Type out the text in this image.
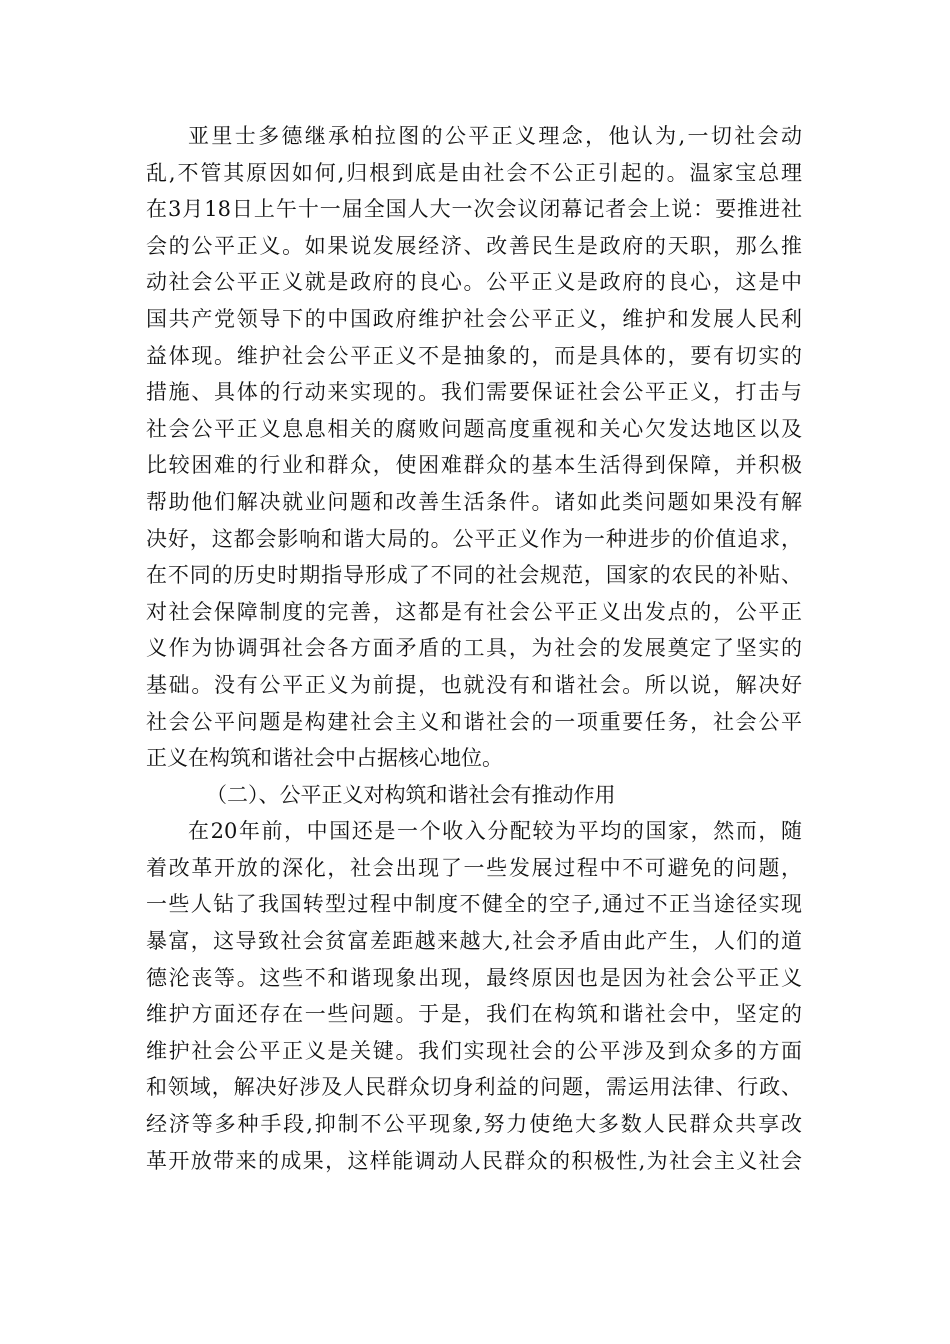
亚里士多德继承柏拉图的公平正义理念，他认为,一切社会动
乱,不管其原因如何,归根到底是由社会不公正引起的。温家宝总理
在3月18日上午十一届全国人大一次会议闭幕记者会上说：要推进社
会的公平正义。如果说发展经济、改善民生是政府的天职，那么推
动社会公平正义就是政府的良心。公平正义是政府的良心，这是中
国共产党领导下的中国政府维护社会公平正义，维护和发展人民利
益体现。维护社会公平正义不是抽象的，而是具体的，要有切实的
措施、具体的行动来实现的。我们需要保证社会公平正义，打击与
社会公平正义息息相关的腐败问题高度重视和关心欠发达地区以及
比较困难的行业和群众，使困难群众的基本生活得到保障，并积极
帮助他们解决就业问题和改善生活条件。诸如此类问题如果没有解
决好，这都会影响和谐大局的。公平正义作为一种进步的价值追求，
在不同的历史时期指导形成了不同的社会规范，国家的农民的补贴、
对社会保障制度的完善，这都是有社会公平正义出发点的，公平正
义作为协调弭社会各方面矛盾的工具，为社会的发展奠定了坚实的
基础。没有公平正义为前提，也就没有和谐社会。所以说，解决好
社会公平问题是构建社会主义和谐社会的一项重要任务，社会公平
正义在构筑和谐社会中占据核心地位。
（二）、公平正义对构筑和谐社会有推动作用
在20年前，中国还是一个收入分配较为平均的国家，然而，随
着改革开放的深化，社会出现了一些发展过程中不可避免的问题，
一些人钻了我国转型过程中制度不健全的空子,通过不正当途径实现
暴富，这导致社会贫富差距越来越大,社会矛盾由此产生，人们的道
德沦丧等。这些不和谐现象出现，最终原因也是因为社会公平正义
维护方面还存在一些问题。于是，我们在构筑和谐社会中，坚定的
维护社会公平正义是关键。我们实现社会的公平涉及到众多的方面
和领域，解决好涉及人民群众切身利益的问题，需运用法律、行政、
经济等多种手段,抑制不公平现象,努力使绝大多数人民群众共享改
革开放带来的成果，这样能调动人民群众的积极性,为社会主义社会
